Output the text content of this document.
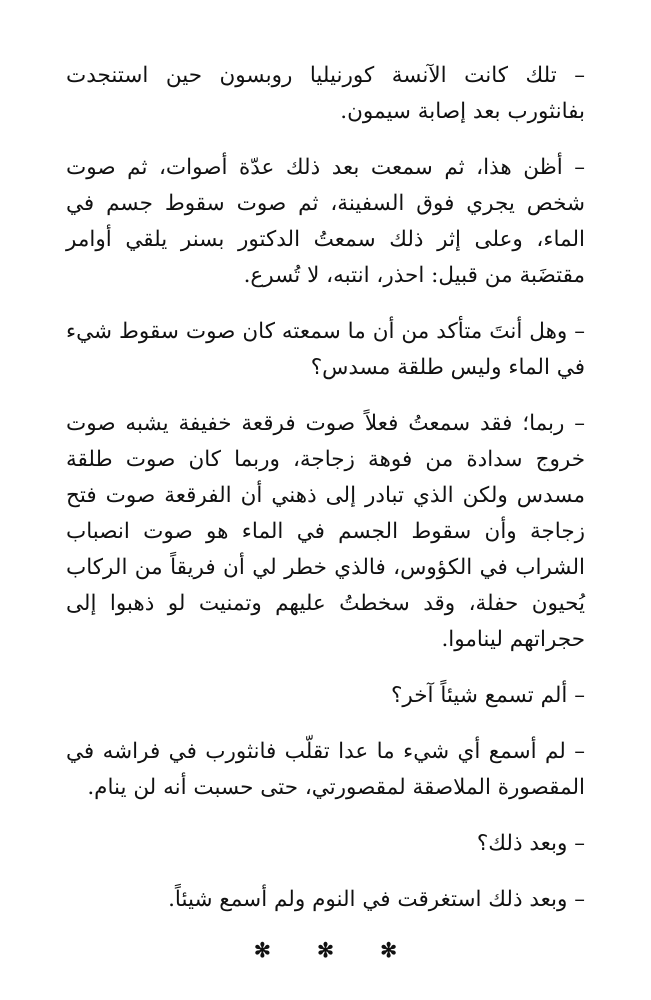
– تلك كانت الآنسة كورنيليا روبسون حين استنجدت بفانثورب بعد إصابة سيمون.

– أظن هذا، ثم سمعت بعد ذلك عدّة أصوات، ثم صوت شخص يجري فوق السفينة، ثم صوت سقوط جسم في الماء، وعلى إثر ذلك سمعتُ الدكتور بسنر يلقي أوامر مقتضَبة من قبيل: احذر، انتبه، لا تُسرع.

– وهل أنتَ متأكد من أن ما سمعته كان صوت سقوط شيء في الماء وليس طلقة مسدس؟

– ربما؛ فقد سمعتُ فعلاً صوت فرقعة خفيفة يشبه صوت خروج سدادة من فوهة زجاجة، وربما كان صوت طلقة مسدس ولكن الذي تبادر إلى ذهني أن الفرقعة صوت فتح زجاجة وأن سقوط الجسم في الماء هو صوت انصباب الشراب في الكؤوس، فالذي خطر لي أن فريقاً من الركاب يُحيون حفلة، وقد سخطتُ عليهم وتمنيت لو ذهبوا إلى حجراتهم ليناموا.

– ألم تسمع شيئاً آخر؟

– لم أسمع أي شيء ما عدا تقلّب فانثورب في فراشه في المقصورة الملاصقة لمقصورتي، حتى حسبت أنه لن ينام.

– وبعد ذلك؟

– وبعد ذلك استغرقت في النوم ولم أسمع شيئاً.

✻ ✻ ✻
